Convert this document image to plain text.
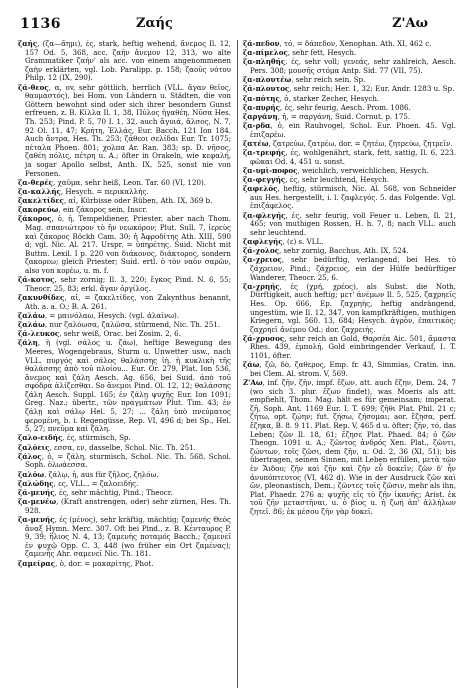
1136	Ζαής	Ζ'Αω

ζαής, (ζα—ἄημι), ές, stark, heftig wehend, ἄνεμος Il. 12, 157 Od. 5, 368, acc. ζαῆν ἄνεμον 12, 313, wo alte Grammatiker ζαήν' als acc. von einem angenommenen ζαὴν erklärten, vgl. Lob. Paralipp. p. 158; ζαοῦς νότου Philp. 12 (IX, 290).

ζά-θεος, α, ov, sehr göttlich, herrlich (VLL. ἄγαν θεῖος, θαυμαστός), bei Hom. von Ländern u. Städten, die von Göttern bewohnt sind oder sich ihrer besondern Gunst erfreuen, z. B. Κίλλα Il. 1, 38, Πύλος ἠγαθέη, Νῦσα Hes. Th. 253; Pind. P. 5, 70 I. 1, 32, auch ἄγυιά, ἄλσος, N. 7, 92 Ol. 11, 47; Κρήτη, Ἑλλάς, Eur. Bacch. 121 Ion 184. Auch ἄντρα, Hes. Th. 253; ζάθεοι σελίδαι Eur. Tr. 1075; πέταλα Phoen. 801; χολπα Ar. Ran. 383; sp. D. νῆσος, ζαθέη πόλις, πέτρη u. A.; öfter in Orakeln, wie κεφαλή, ja sogar Apollo selbst, Anth. IX, 525, sonst nie von Personen.

ζα-θερές, χαῦμα, sehr heiß, Leon. Tar. 60 (VI, 120).

ζα-καλλής, Hesych. = περικαλλής.

ζακελτίδες, αἱ, Kürbisse oder Rüben, Ath. IX, 369 b.

ζακορεύω, ein ζάκορος sein, Inscr.

ζάκορος, ὁ, ἡ, Tempeldiener, Priester, aber nach Thom. Mag. σπανιώτερον τὸ ἥν νεωκόρον; Plut. Sull. 7, ἱερεὺς καὶ ζάκορος Böckh Cam. 30; ἡ Ἀφροδίτης Ath. XIII, 590 d; vgl. Nic. Al. 217. Urspr. = ὑπηρέτης. Suid. Nicht mit Buttm. Lexil. I p. 220 von διάκονος, διάκτορος, sondern ζακορεω; gleich Priester; Suid. ertl. ὁ τὸν ναὸν σαρῶν, also von κορέω, u. m. f.

ζά-κοτος, sehr zornig; Il. 3, 220; ἔγκος Pind. N. 6, 55; Theocr. 25, 83; erkl. ἄγαν ὀργίλος.

ζακυνθίδες, αἱ, = ζακελτίδες, von Zakynthus benannt, Ath. a. a. O.; B. A. 261.

ζαλάω, = μαινόλαω, Hesych. (vgl. ἁλαίνω).

ζαλάω, nur ζαλόωσα, ζαλῶσα, stürmend, Nic. Th. 251.

ζά-λευκος, sehr weiß, Orac. bei Zosim. 2, 6.

ζάλη, ἡ (vgl. σάλος u. ζάω), heftige Bewegung des Meeres, Wogengebraus, Sturm u. Unwetter usw., nach VLL. πυργός καὶ σάλος θαλάσσης ἰὴ. ἡ κυκλικὴ τῆς θαλάσσης ἀπὸ τοῦ πλοίου... Eur. Or. 279, Plat. Ion 536, ἄνεμος καὶ ζάλη Aesch. Ag. 656, bei Suid. ἀπὸ τοῦ σφόδρα ἀλίζεσθαι. So ἄνεμοι Pind. Ol. 12, 12; θαλάσσης ζάλη Aesch. Suppl. 165; ἐν ζάλῃ ψυχῆς Eur. Ion 1091; Greg. Naz.; übertr., τῶν πραγμάτων Plut. Tim. 43; ἐν ζάλῃ καὶ σάλῳ Hel. 5, 27; ... ζάλη ὑπὸ πνεύματος φερομένη, b. i. Regengüsse, Rep. VI, 496 d; bei Sp., Hel. 5, 27; πνεῦμα καὶ ζάλη.

ζαλο-ειδής, ές, stürmisch, Sp.

ζαλόεις, εσσα, εν, dasselbe, Schol. Nic. Th. 251.

ζάλος, ὁ, = ζάλη, sturmisch, Schol. Nic. Th. 568, Schol. Soph. ὀλωάεσσα.

ζαλόω, ζάλῳ, ἡ, aus für ζῆλος, ζηλόω.

ζαλώδης, ες, VLL., = ζαλοειδής.

ζά-μενής, ές, sehr mächtig, Pind.; Theocr.

ζα-μενέω, (Kraft anstrengen, oder) sehr zürnen, Hes. Th. 928.

ζα-μενής, ές (μένος), sehr kräftig, mächtig; ζαμενής Θεὸς ἄναξ Hymn. Merc. 307. Oft bei Pind., z. B. Κένταυρος P. 9, 39; ἥλιος N. 4, 13; ζαμενὴς ποταμός Bacch.; ζαμενεῖ ἐν ψυχῷ Opp. C. 3, 448 (wo früher ein Ort ζαμένας); ζαμενὴς Ahr. σαμενεῖ Nic. Th. 181.

ζαμείρας, ὁ, dor. = μακαρίτης, Phot.

ζά-πεδον, τό, = δάπεδον, Xenophan. Ath. XI, 462 c.

ζα-πίμελος, sehr fett, Hesych.

ζα-πληθής, ές, sehr voll; γενεάς, sehr zahlreich, Aesch. Pers. 308; μουσῆς στόμα Antp. Sid. 77 (VII, 75).

ζα-πλουτέω, sehr reich sein, Sp.

ζά-πλουτος, sehr reich; Her. 1, 32; Eur. Andr. 1283 u. Sp.

ζα-πότης, ὁ, starker Zecher, Hesych.

ζα-πυρής, ές, sehr feurig, Aesch. Prom. 1086.

ζαργάνη, ἡ, = σαργάνη, Suid. Cornut. p. 175.

ζα-ρδα, ὁ, ein Raubvogel, Schol. Eur. Phoen. 45. Vgl. ἐπιζαρέω.

ζατέω, ζατρεύω, ζατρέω, dor. = ζητέω, ζητρεύω, ζητρεῖν.

ζα-τρεφής, ές, wohlgenährt, stark, fett, sattig, Il. 6, 223. φῶκαι Od. 4, 451 u. sonst.

ζα-υμὶ-ποφος, weichlich, verweichlichen, Hesych.

ζα-φεγγής, ές, sehr leuchtend, Hesych.

ζαφελός, heftig, stürmisch, Nic. Al. 568, von Schneider aus Hes. hergestellt, i. l. ζαφλεγός. 5. das Folgende. Vgl. ἐπιζάφελος.

ζα-φλεγής, ές, sehr feurig, voll Feuer u. Leben, Il. 21, 465; von muthigen Rossen, H. h. 7, 8; nach VLL. auch sehr leuchtend.

ζαφλεγής, (ε) s. VLL.

ζά-χολος, sehr zornig, Bacchus, Ath. IX, 524.

ζα-χρειος, sehr bedürftig, verlangend, bei Hes. τὸ ζάχρειον, Pind.; ζάχρειος, ein der Hülfe bedürftiger Wanderer, Theocr. 25, 6.

ζα-χρηής, ές (χρή, χρέος), als Subst. die Noth, Dürftigkeit, auch heftig; μετ' ἀνέμων Il. 5, 525, ζαχρηεῖς Hes. Op. 666, Ep. ζαχρηὴς, heftig andrängend, ungestüm, wie Il. 12, 347, von kampfkräftigen, muthigen Kriegern, vgl. 560. 13, 684; Hesych. ἀγρὸν, ἐπαιτικὸς; ζαχρηεῖ ἀνέμου Od.; dor. ζαχρειής.

ζά-χρυσος, sehr reich an Gold, Θαρσέα Aic. 501, ἄμαστα Rhes. 439, ἐμπολή, Gold einbringender Verkauf, I. T. 1101, öfter.

ζάω, ζῶ, δὸ, ζαθερος, Emp. fr. 43, Simmias, Cratin. inn. bei Clem. Al. strom. V, 569.

Ζ'Αω, inf. ζῆν, ζῆν, impf. ἔζων, att. auch ἔζην, Dem. 24, 7 (wo sich 3. plur. ἔζων findet), was Moeris als att. empfiehlt, Thom. Mag. hält es für gemeinsam; imperat. ζῆ, Soph. Ant. 1169 Eur. I. T. 699; ζῆθι Plat. Phil. 21 c; ζήτω, opt. ζῴην; fut. ζήσω, ζήσομαι; aor. ἔζησα, perf. ἔζηκα, B. 8. 9 11. Plat. Rep. V, 465 d u. öfter; ζῆν, τό, das Leben; ζῶν Il. 18, 61; ἔζησε Plat. Phaed. 84; ὁ ζῶν Theogn. 1091 u. A.; ζῶντος ἀνδρός Xen. Plat., ζῶντι, ζώντων, τοῖς ζῶσι, dem ζῆν, u. Od. 2, 36 (XI, 51); bis übertragen, seinen Sinnen, mit Leben erfüllen, μετὰ τῶν ἐν Ἅιδου; ζῆν καὶ ζῆν καὶ ζῆν εὖ δοκεῖν; ζῶν δ' ἦν ἀνυπόπτευτος (VI, 462 d). Wie in der Ausdruck ζῶν καὶ ὤν, pleonastisch, Dem.; ζῶντες τοῖς ζῶσιν, mehr als ihn, Plat. Phaedr. 276 a; ψυχῆς εἰς τὸ ζῆν ἱκανῆς; Arist. ἐκ τοῦ ζῆν μεταστῆναι, u. ὁ βίος u. ἡ ζωή ἀπ' ἀλλήλων ζητεῖ. 86; ἐκ μέσου ζῆν γὰρ δοκεῖ.
